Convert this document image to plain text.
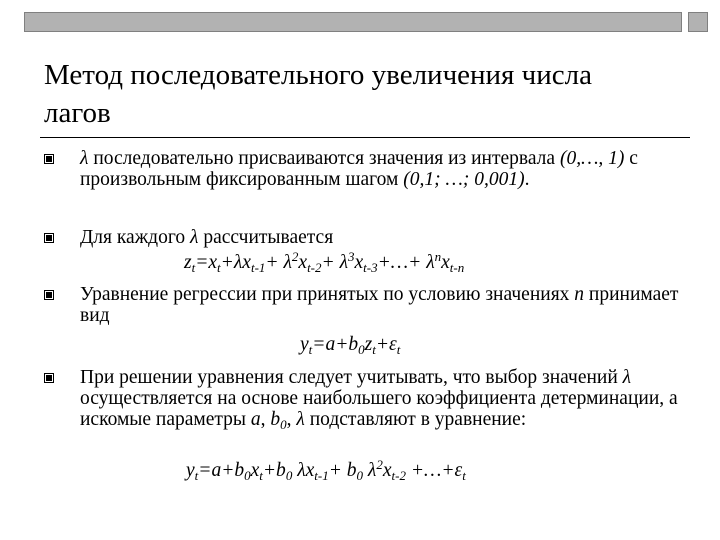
Метод последовательного увеличения числа
лагов
λ последовательно присваиваются значения из интервала (0,…, 1) с произвольным фиксированным шагом (0,1; …; 0,001).
Для каждого λ рассчитывается
$z_t=x_t+\lambda x_{t-1}+ \lambda^2x_{t-2}+$ $\lambda^3x_{t-3}+\dots+ \lambda^nx_{t-n}$
Уравнение регрессии при принятых по условию значениях n принимает вид
$y_t=a+b_0z_t+\varepsilon_t$
При решении уравнения следует учитывать, что выбор значений λ осуществляется на основе наибольшего коэффициента детерминации, а искомые параметры a, $b_0$, λ подставляют в уравнение:
$y_t=a+b_0x_t+b_0$ $\lambda x_{t-1}+ b_0$ $\lambda^2x_{t-2}$ $+\dots+\varepsilon_t$
